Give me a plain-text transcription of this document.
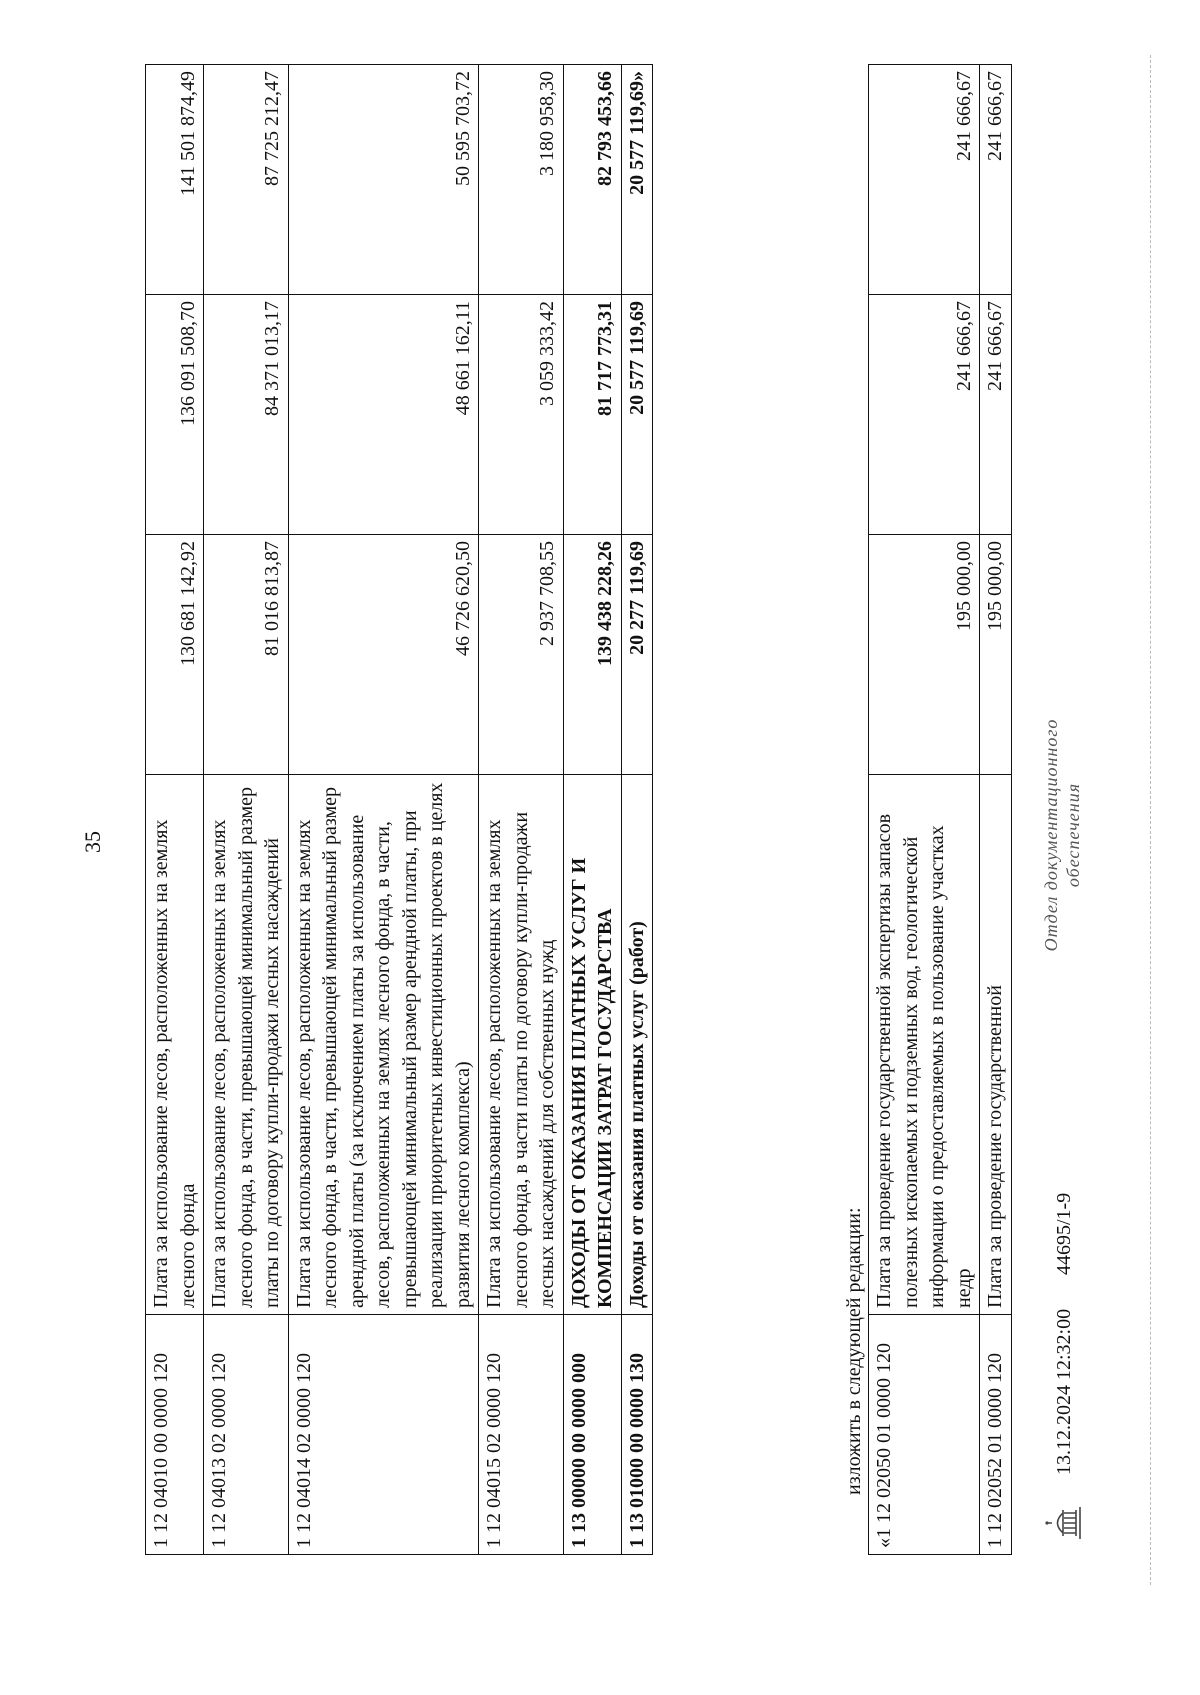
35
1 12 04010 00 0000 120	Плата за использование лесов, расположенных на землях лесного фонда	130 681 142,92	136 091 508,70	141 501 874,49
1 12 04013 02 0000 120	Плата за использование лесов, расположенных на землях лесного фонда, в части, превышающей минимальный размер платы по договору купли-продажи лесных насаждений	81 016 813,87	84 371 013,17	87 725 212,47
1 12 04014 02 0000 120	Плата за использование лесов, расположенных на землях лесного фонда, в части, превышающей минимальный размер арендной платы (за исключением платы за использование лесов, расположенных на землях лесного фонда, в части, превышающей минимальный размер арендной платы, при реализации приоритетных инвестиционных проектов в целях развития лесного комплекса)	46 726 620,50	48 661 162,11	50 595 703,72
1 12 04015 02 0000 120	Плата за использование лесов, расположенных на землях лесного фонда, в части платы по договору купли-продажи лесных насаждений для собственных нужд	2 937 708,55	3 059 333,42	3 180 958,30
1 13 00000 00 0000 000	ДОХОДЫ ОТ ОКАЗАНИЯ ПЛАТНЫХ УСЛУГ И КОМПЕНСАЦИИ ЗАТРАТ ГОСУДАРСТВА	139 438 228,26	81 717 773,31	82 793 453,66
1 13 01000 00 0000 130	Доходы от оказания платных услуг (работ)	20 277 119,69	20 577 119,69	20 577 119,69»
изложить в следующей редакции: «1 12 02050 01 0000 120	Плата за проведение государственной экспертизы запасов полезных ископаемых и подземных вод, геологической информации о предоставляемых в пользование участках недр	195 000,00	241 666,67	241 666,67
1 12 02052 01 0000 120	Плата за проведение государственной	195 000,00	241 666,67	241 666,67
13.12.2024 12:32:00
44695/1-9
Отдел документационного обеспечения
